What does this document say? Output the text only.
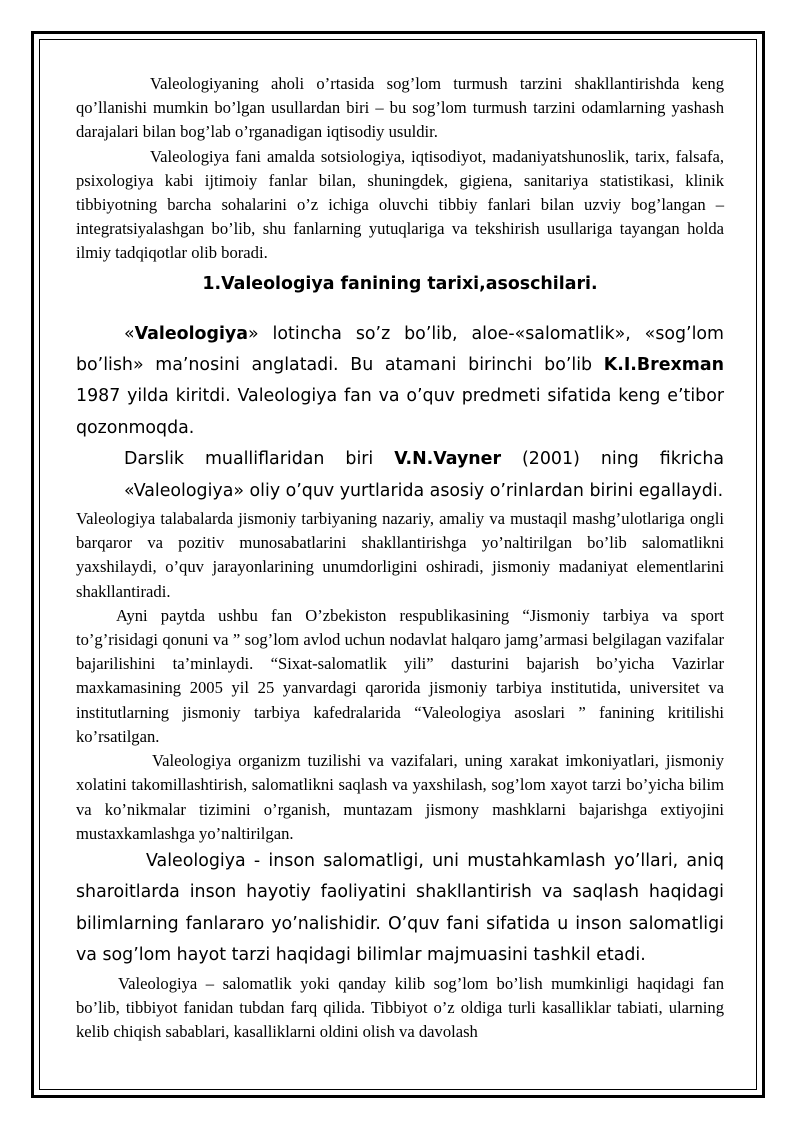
Valeologiyaning aholi o’rtasida sog’lom turmush tarzini shakllantirishda keng qo’llanishi mumkin bo’lgan usullardan biri – bu sog’lom turmush tarzini odamlarning yashash darajalari bilan bog’lab o’rganadigan iqtisodiy usuldir.

Valeologiya fani amalda sotsiologiya, iqtisodiyot, madaniyatshunoslik, tarix, falsafa, psixologiya kabi ijtimoiy fanlar bilan, shuningdek, gigiena, sanitariya statistikasi, klinik tibbiyotning barcha sohalarini o’z ichiga oluvchi tibbiy fanlari bilan uzviy bog’langan – integratsiyalashgan bo’lib, shu fanlarning yutuqlariga va tekshirish usullariga tayangan holda ilmiy tadqiqotlar olib boradi.

1.Valeologiya fanining tarixi,asoschilari.

«Valeologiya» lotincha so’z bo’lib, aloe-«salomatlik», «sog’lom bo’lish» ma’nosini anglatadi. Bu atamani birinchi bo’lib K.I.Brexman 1987 yilda kiritdi. Valeologiya fan va o’quv predmeti sifatida keng e’tibor qozonmoqda.

Darslik mualliflaridan biri V.N.Vayner (2001) ning fikricha «Valeologiya» oliy o’quv yurtlarida asosiy o’rinlardan birini egallaydi.

Valeologiya talabalarda jismoniy tarbiyaning nazariy, amaliy va mustaqil mashg’ulotlariga ongli barqaror va pozitiv munosabatlarini shakllantirishga yo’naltirilgan bo’lib salomatlikni yaxshilaydi, o’quv jarayonlarining unumdorligini oshiradi, jismoniy madaniyat elementlarini shakllantiradi.

Ayni paytda ushbu fan O’zbekiston respublikasining “Jismoniy tarbiya va sport to’g’risidagi qonuni va ” sog’lom avlod uchun nodavlat halqaro jamg’armasi belgilagan vazifalar bajarilishini ta’minlaydi. “Sixat-salomatlik yili” dasturini bajarish bo’yicha Vazirlar maxkamasining 2005 yil 25 yanvardagi qarorida jismoniy tarbiya institutida, universitet va institutlarning jismoniy tarbiya kafedralarida “Valeologiya asoslari ” fanining kritilishi ko’rsatilgan.

Valeologiya organizm tuzilishi va vazifalari, uning xarakat imkoniyatlari, jismoniy xolatini takomillashtirish, salomatlikni saqlash va yaxshilash, sog’lom xayot tarzi bo’yicha bilim va ko’nikmalar tizimini o’rganish, muntazam jismony mashklarni bajarishga extiyojini mustaxkamlashga yo’naltirilgan.

Valeologiya - inson salomatligi, uni mustahkamlash yo’llari, aniq sharoitlarda inson hayotiy faoliyatini shakllantirish va saqlash haqidagi bilimlarning fanlararo yo’nalishidir. O’quv fani sifatida u inson salomatligi va sog’lom hayot tarzi haqidagi bilimlar majmuasini tashkil etadi.

Valeologiya – salomatlik yoki qanday kilib sog’lom bo’lish mumkinligi haqidagi fan bo’lib, tibbiyot fanidan tubdan farq qilida. Tibbiyot o’z oldiga turli kasalliklar tabiati, ularning kelib chiqish sabablari, kasalliklarni oldini olish va davolash
